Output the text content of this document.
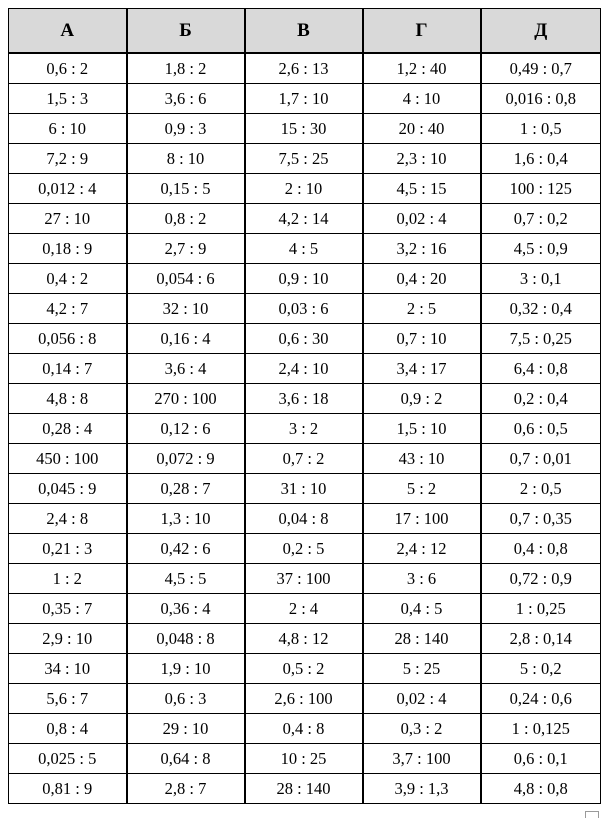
А	Б	В	Г	Д
0,6 : 2	1,8 : 2	2,6 : 13	1,2 : 40	0,49 : 0,7
1,5 : 3	3,6 : 6	1,7 : 10	4 : 10	0,016 : 0,8
6 : 10	0,9 : 3	15 : 30	20 : 40	1 : 0,5
7,2 : 9	8 : 10	7,5 : 25	2,3 : 10	1,6 : 0,4
0,012 : 4	0,15 : 5	2 : 10	4,5 : 15	100 : 125
27 : 10	0,8 : 2	4,2 : 14	0,02 : 4	0,7 : 0,2
0,18 : 9	2,7 : 9	4 : 5	3,2 : 16	4,5 : 0,9
0,4 : 2	0,054 : 6	0,9 : 10	0,4 : 20	3 : 0,1
4,2 : 7	32 : 10	0,03 : 6	2 : 5	0,32 : 0,4
0,056 : 8	0,16 : 4	0,6 : 30	0,7 : 10	7,5 : 0,25
0,14 : 7	3,6 : 4	2,4 : 10	3,4 : 17	6,4 : 0,8
4,8 : 8	270 : 100	3,6 : 18	0,9 : 2	0,2 : 0,4
0,28 : 4	0,12 : 6	3 : 2	1,5 : 10	0,6 : 0,5
450 : 100	0,072 : 9	0,7 : 2	43 : 10	0,7 : 0,01
0,045 : 9	0,28 : 7	31 : 10	5 : 2	2 : 0,5
2,4 : 8	1,3 : 10	0,04 : 8	17 : 100	0,7 : 0,35
0,21 : 3	0,42 : 6	0,2 : 5	2,4 : 12	0,4 : 0,8
1 : 2	4,5 : 5	37 : 100	3 : 6	0,72 : 0,9
0,35 : 7	0,36 : 4	2 : 4	0,4 : 5	1 : 0,25
2,9 : 10	0,048 : 8	4,8 : 12	28 : 140	2,8 : 0,14
34 : 10	1,9 : 10	0,5 : 2	5 : 25	5 : 0,2
5,6 : 7	0,6 : 3	2,6 : 100	0,02 : 4	0,24 : 0,6
0,8 : 4	29 : 10	0,4 : 8	0,3 : 2	1 : 0,125
0,025 : 5	0,64 : 8	10 : 25	3,7 : 100	0,6 : 0,1
0,81 : 9	2,8 : 7	28 : 140	3,9 : 1,3	4,8 : 0,8
